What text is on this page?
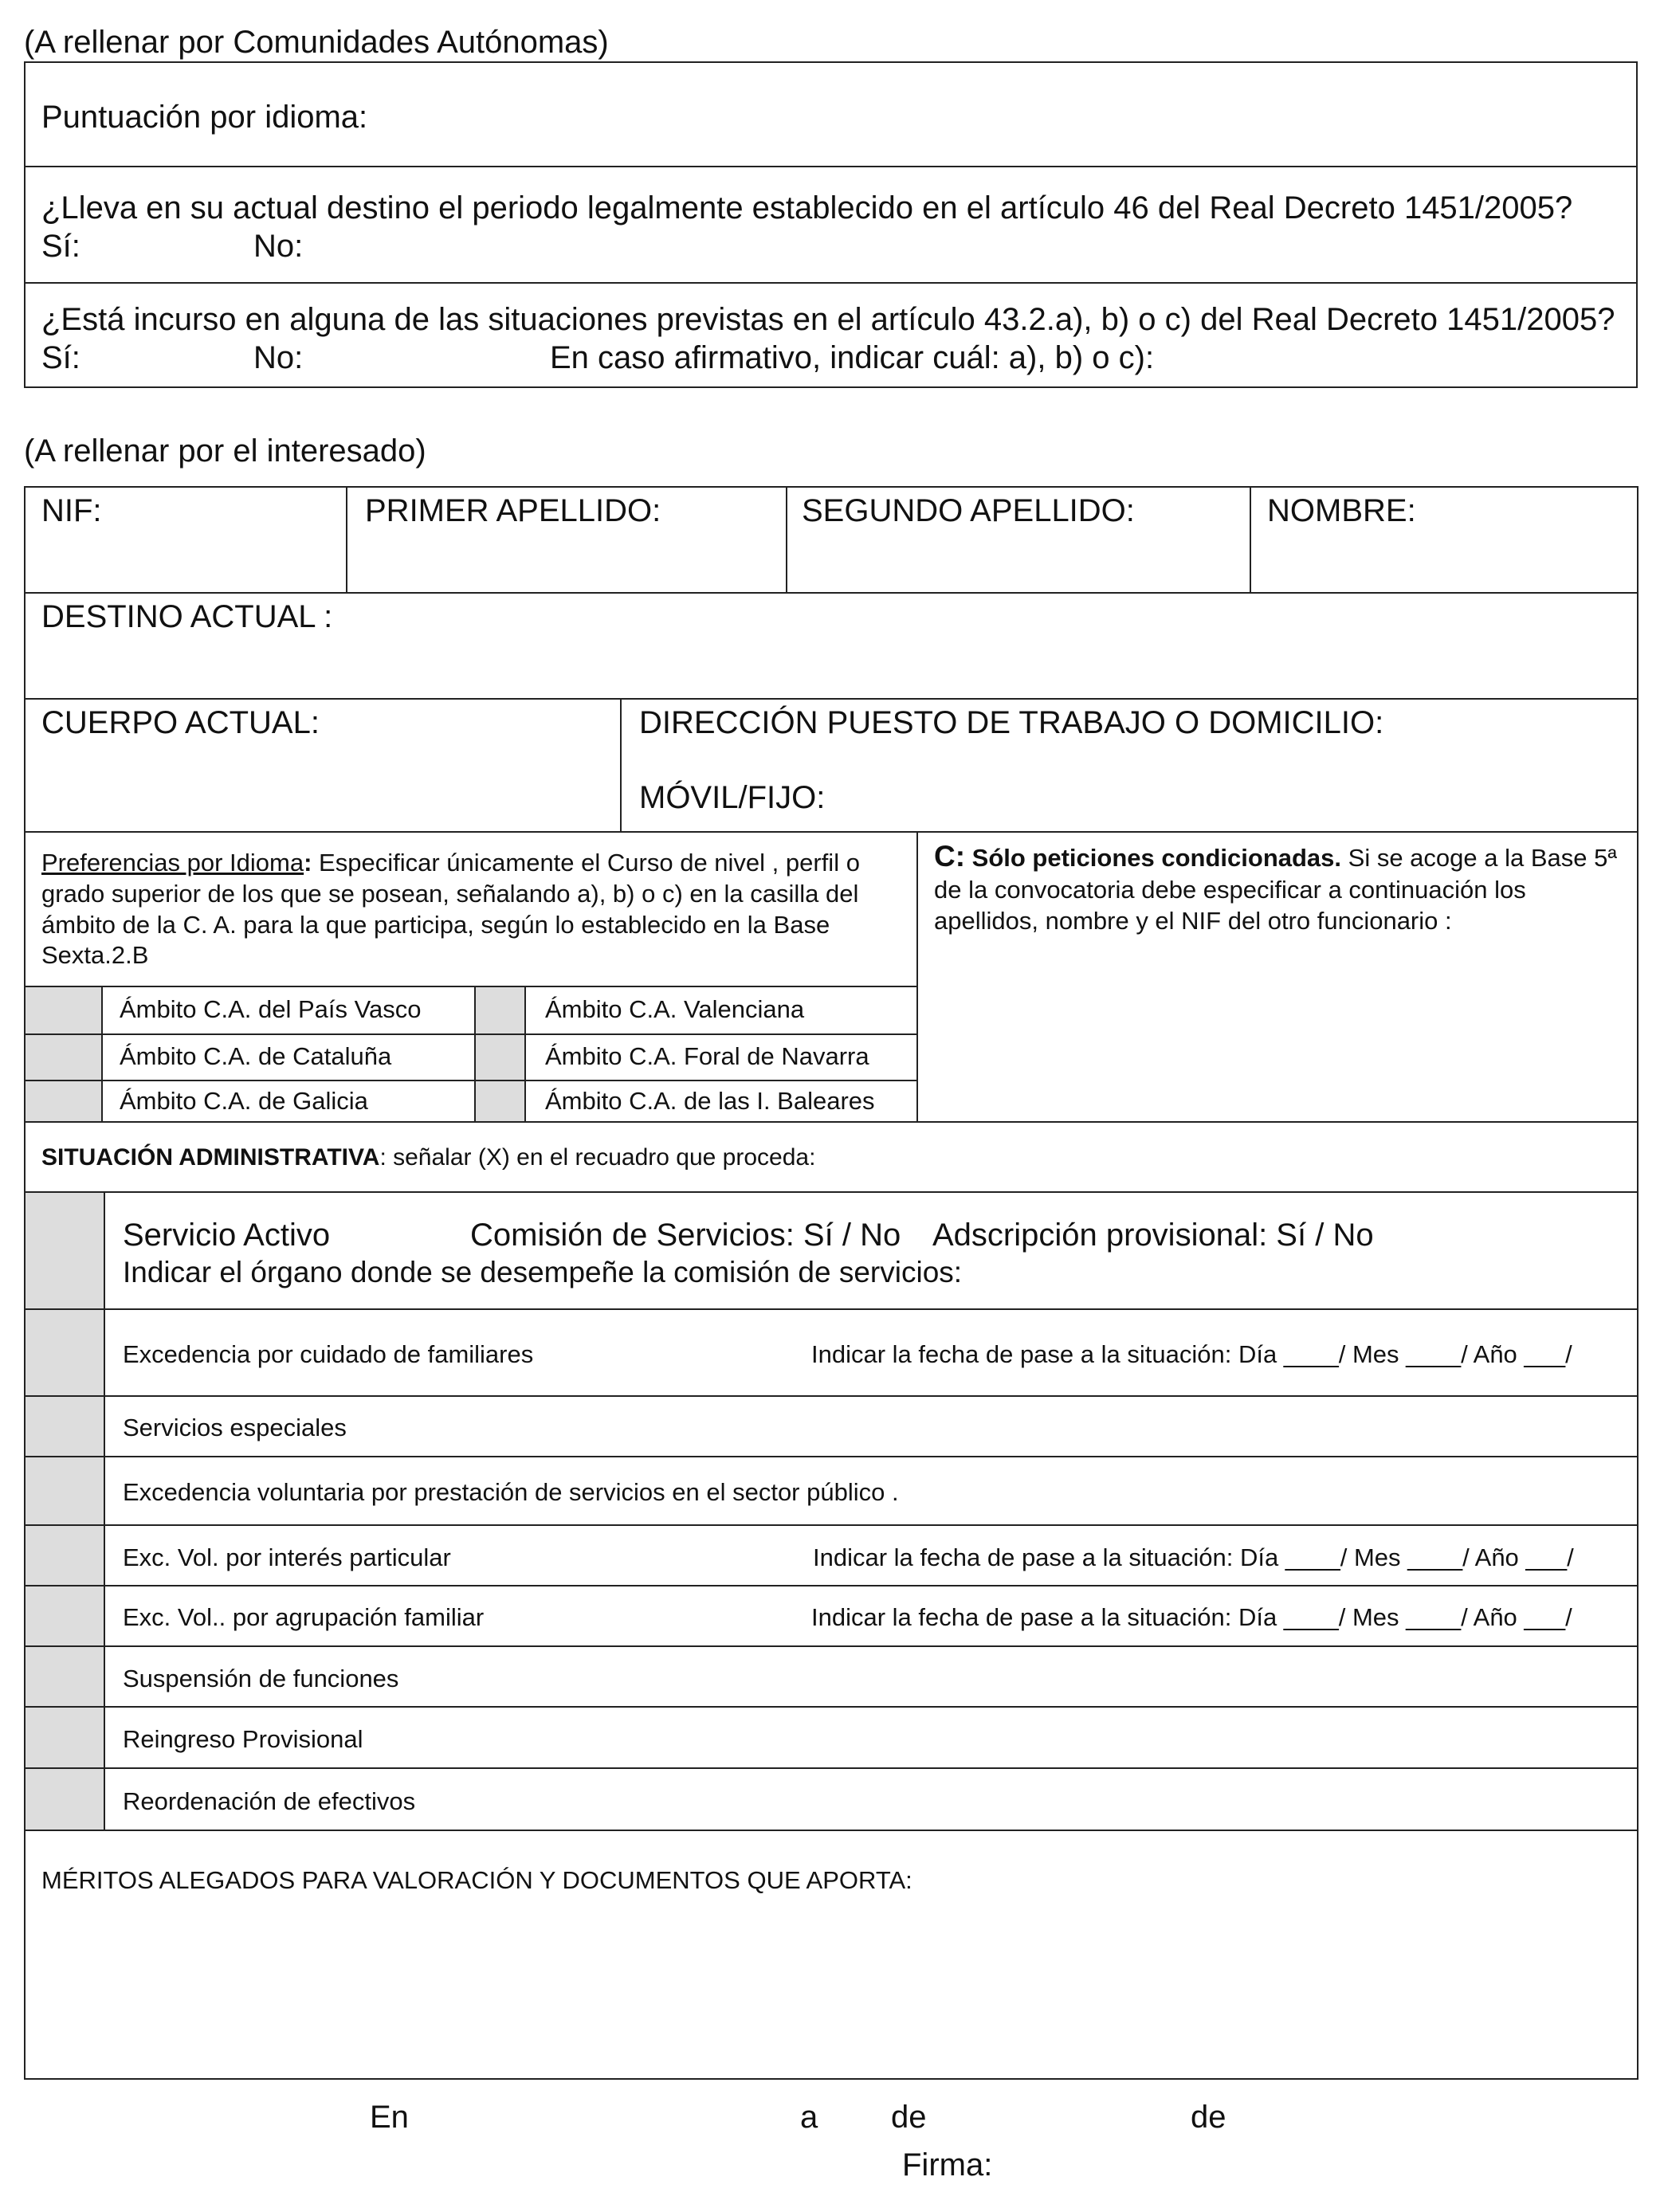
(A rellenar por Comunidades Autónomas)
Puntuación por idioma:
¿Lleva en su actual destino el periodo legalmente establecido en el artículo 46 del Real Decreto 1451/2005?
Sí:	No:
¿Está incurso en alguna de las situaciones previstas en el artículo 43.2.a), b) o c) del Real Decreto 1451/2005?
Sí:	No:	En caso afirmativo, indicar cuál: a), b) o c):
(A rellenar por el interesado)
NIF:	PRIMER APELLIDO:	SEGUNDO APELLIDO:	NOMBRE:
DESTINO ACTUAL :
CUERPO ACTUAL:	DIRECCIÓN PUESTO DE TRABAJO O DOMICILIO:
MÓVIL/FIJO:
Preferencias por Idioma: Especificar únicamente el Curso de nivel , perfil o grado superior de los que se posean, señalando a), b) o c) en la casilla del ámbito de la C. A. para la que participa, según lo establecido en la Base Sexta.2.B
C: Sólo peticiones condicionadas. Si se acoge a la Base 5ª de la convocatoria debe especificar a continuación los apellidos, nombre y el NIF del otro funcionario :
Ámbito C.A. del País Vasco	Ámbito C.A. Valenciana
Ámbito C.A. de Cataluña	Ámbito C.A. Foral de Navarra
Ámbito C.A. de Galicia	Ámbito C.A. de las I. Baleares
SITUACIÓN ADMINISTRATIVA: señalar (X) en el recuadro que proceda:
Servicio Activo	Comisión de Servicios: Sí / No Adscripción provisional: Sí / No
Indicar el órgano donde se desempeñe la comisión de servicios:
Excedencia por cuidado de familiares	Indicar la fecha de pase a la situación: Día ____/ Mes ____/ Año ___/
Servicios especiales
Excedencia voluntaria por prestación de servicios en el sector público .
Exc. Vol. por interés particular	Indicar la fecha de pase a la situación: Día ____/ Mes ____/ Año ___/
Exc. Vol.. por agrupación familiar	Indicar la fecha de pase a la situación: Día ____/ Mes ____/ Año ___/
Suspensión de funciones
Reingreso Provisional
Reordenación de efectivos
MÉRITOS ALEGADOS PARA VALORACIÓN Y DOCUMENTOS QUE APORTA:
En	a de	de
Firma:
